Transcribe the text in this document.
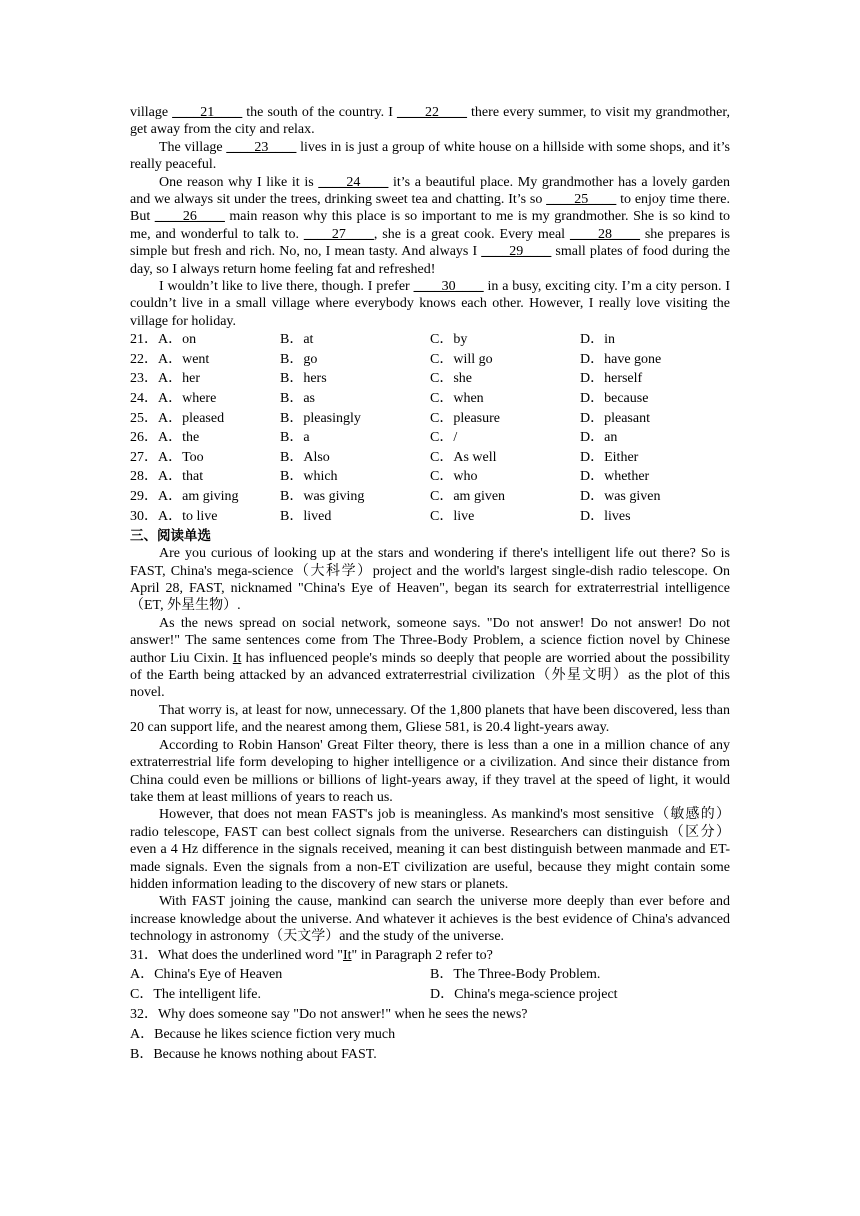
village ____21____ the south of the country. I ____22____ there every summer, to visit my grandmother, get away from the city and relax.

The village ____23____ lives in is just a group of white house on a hillside with some shops, and it’s really peaceful.

One reason why I like it is ____24____ it’s a beautiful place. My grandmother has a lovely garden and we always sit under the trees, drinking sweet tea and chatting. It’s so ____25____ to enjoy time there. But ____26____ main reason why this place is so important to me is my grandmother. She is so kind to me, and wonderful to talk to. ____27____, she is a great cook. Every meal ____28____ she prepares is simple but fresh and rich. No, no, I mean tasty. And always I ____29____ small plates of food during the day, so I always return home feeling fat and refreshed!

I wouldn’t like to live there, though. I prefer ____30____ in a busy, exciting city. I’m a city person. I couldn’t live in a small village where everybody knows each other. However, I really love visiting the village for holiday.

21．A．on	B．at	C．by	D．in
22．A．went	B．go	C．will go	D．have gone
23．A．her	B．hers	C．she	D．herself
24．A．where	B．as	C．when	D．because
25．A．pleased	B．pleasingly	C．pleasure	D．pleasant
26．A．the	B．a	C．/	D．an
27．A．Too	B．Also	C．As well	D．Either
28．A．that	B．which	C．who	D．whether
29．A．am giving	B．was giving	C．am given	D．was given
30．A．to live	B．lived	C．live	D．lives
三、阅读单选

Are you curious of looking up at the stars and wondering if there's intelligent life out there? So is FAST, China's mega-science（大科学）project and the world's largest single-dish radio telescope. On April 28, FAST, nicknamed "China's Eye of Heaven", began its search for extraterrestrial intelligence（ET, 外星生物）.

As the news spread on social network, someone says. "Do not answer! Do not answer! Do not answer!" The same sentences come from The Three-Body Problem, a science fiction novel by Chinese author Liu Cixin. It has influenced people's minds so deeply that people are worried about the possibility of the Earth being attacked by an advanced extraterrestrial civilization（外星文明）as the plot of this novel.

That worry is, at least for now, unnecessary. Of the 1,800 planets that have been discovered, less than 20 can support life, and the nearest among them, Gliese 581, is 20.4 light-years away.

According to Robin Hanson' Great Filter theory, there is less than a one in a million chance of any extraterrestrial life form developing to higher intelligence or a civilization. And since their distance from China could even be millions or billions of light-years away, if they travel at the speed of light, it would take them at least millions of years to reach us.

However, that does not mean FAST's job is meaningless. As mankind's most sensitive（敏感的）radio telescope, FAST can best collect signals from the universe. Researchers can distinguish（区分）even a 4 Hz difference in the signals received, meaning it can best distinguish between manmade and ET-made signals. Even the signals from a non-ET civilization are useful, because they might contain some hidden information leading to the discovery of new stars or planets.

With FAST joining the cause, mankind can search the universe more deeply than ever before and increase knowledge about the universe. And whatever it achieves is the best evidence of China's advanced technology in astronomy（天文学）and the study of the universe.

31．What does the underlined word "It" in Paragraph 2 refer to?
A．China's Eye of Heaven	B．The Three-Body Problem.
C．The intelligent life.	D．China's mega-science project
32．Why does someone say "Do not answer!" when he sees the news?
A．Because he likes science fiction very much
B．Because he knows nothing about FAST.
